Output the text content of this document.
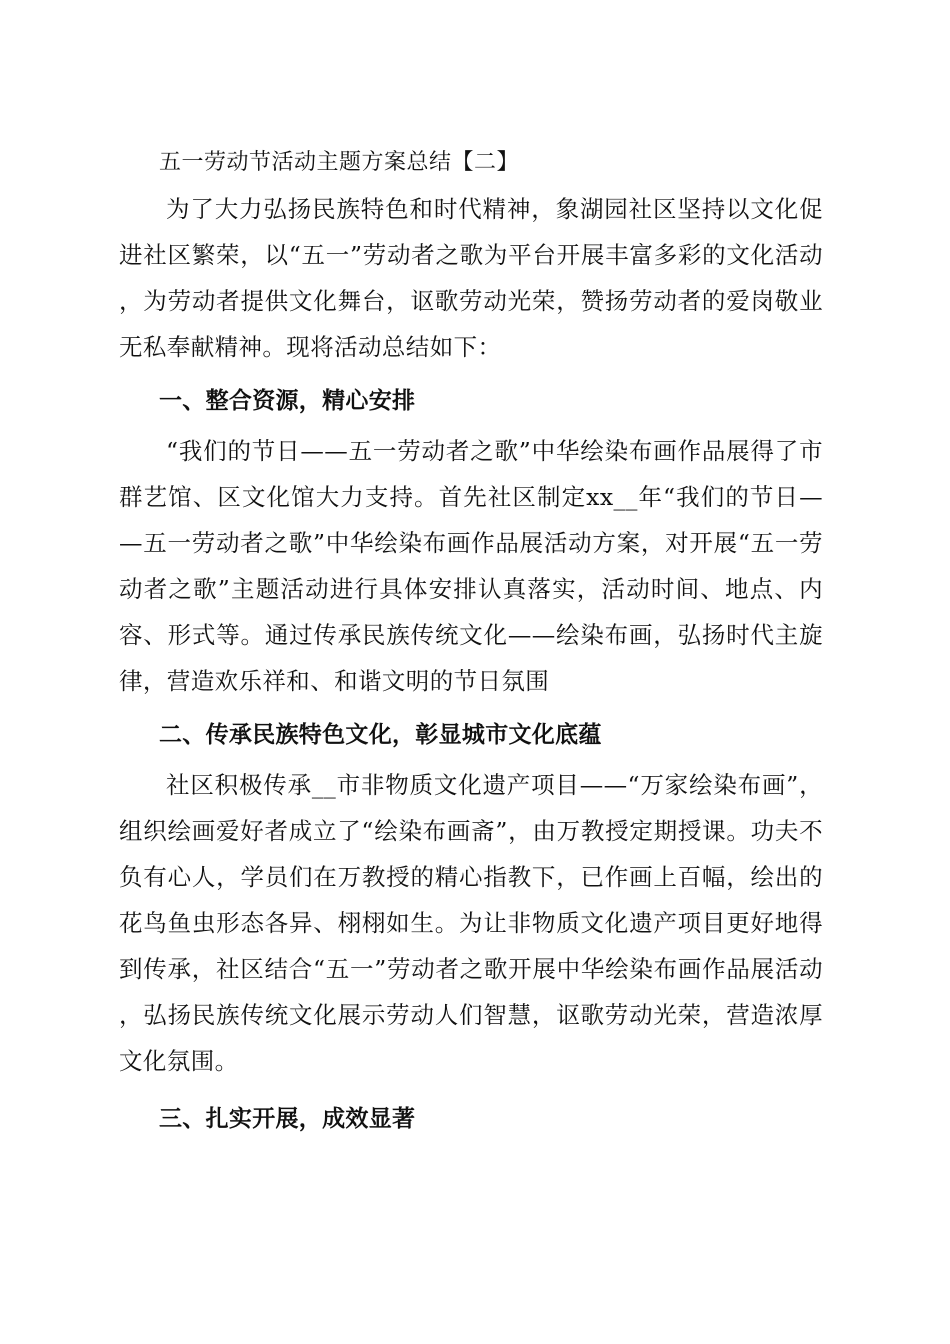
五一劳动节活动主题方案总结【二】

为了大力弘扬民族特色和时代精神，象湖园社区坚持以文化促进社区繁荣，以“五一”劳动者之歌为平台开展丰富多彩的文化活动，为劳动者提供文化舞台，讴歌劳动光荣，赞扬劳动者的爱岗敬业无私奉献精神。现将活动总结如下：

一、整合资源，精心安排

“我们的节日——五一劳动者之歌”中华绘染布画作品展得了市群艺馆、区文化馆大力支持。首先社区制定xx__年“我们的节日——五一劳动者之歌”中华绘染布画作品展活动方案，对开展“五一劳动者之歌”主题活动进行具体安排认真落实，活动时间、地点、内容、形式等。通过传承民族传统文化——绘染布画，弘扬时代主旋律，营造欢乐祥和、和谐文明的节日氛围

二、传承民族特色文化，彰显城市文化底蕴

社区积极传承__市非物质文化遗产项目——“万家绘染布画”，组织绘画爱好者成立了“绘染布画斋”，由万教授定期授课。功夫不负有心人，学员们在万教授的精心指教下，已作画上百幅，绘出的花鸟鱼虫形态各异、栩栩如生。为让非物质文化遗产项目更好地得到传承，社区结合“五一”劳动者之歌开展中华绘染布画作品展活动，弘扬民族传统文化展示劳动人们智慧，讴歌劳动光荣，营造浓厚文化氛围。

三、扎实开展，成效显著
